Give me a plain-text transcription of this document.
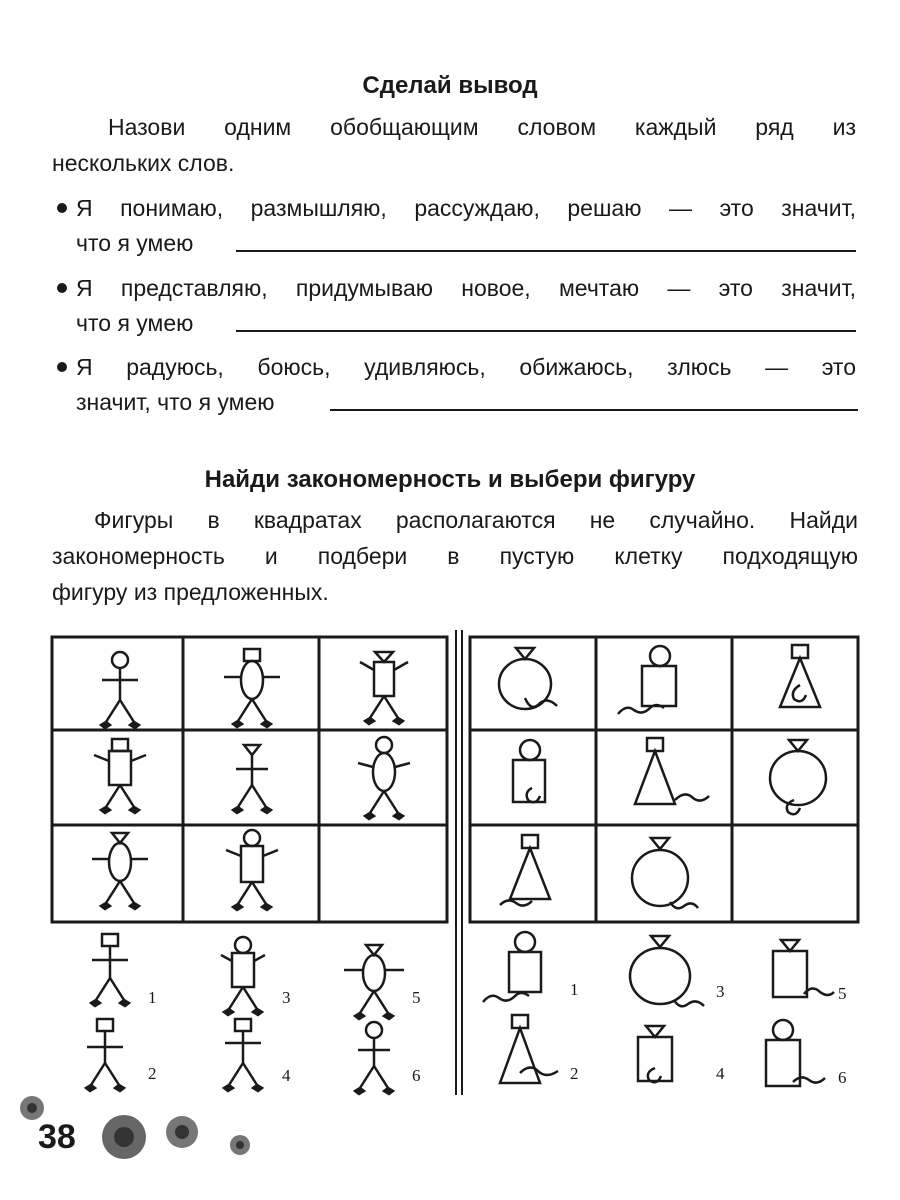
Сделай вывод
Назови одним обобщающим словом каждый ряд из
нескольких слов.
Я понимаю, размышляю, рассуждаю, решаю — это значит,
что я умею
Я представляю, придумываю новое, мечтаю — это значит,
что я умею
Я радуюсь, боюсь, удивляюсь, обижаюсь, злюсь — это
значит, что я умею
Найди закономерность и выбери фигуру
Фигуры в квадратах располагаются не случайно. Найди
закономерность и подбери в пустую клетку подходящую
фигуру из предложенных.
1
2
3
4
5
6
1
2
3
4
5
6
38
